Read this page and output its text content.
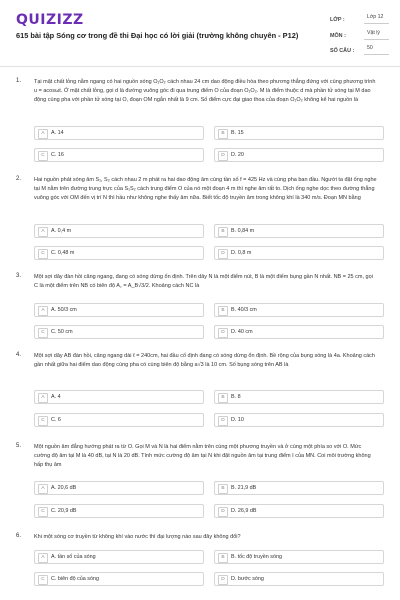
QUIZIZZ
615 bài tập Sóng cơ trong đề thi Đại học có lời giải (trường không chuyên - P12)
LỚP :	Lớp 12
MÔN :	Vật lý
SỐ CÂU :	50
1. Tại mặt chất lỏng nằm ngang có hai nguồn sóng O₁O₂ cách nhau 24 cm dao động điều hòa theo phương thẳng đứng với cùng phương trình u = acosωt. Ở mặt chất lỏng, gọi d là đường vuông góc đi qua trung điểm O của đoạn O₁O₂. M là điểm thuộc d mà phần tử sóng tại M dao động cùng pha với phần tử sóng tại O, đoạn OM ngắn nhất là 9 cm. Số điểm cực đại giao thoa của đoạn O₁O₂ không kể hai nguồn là
A	A. 14	B	B. 15
C	C. 16	D	D. 20
2. Hai nguồn phát sóng âm S₁, S₂ cách nhau 2 m phát ra hai dao động âm cùng tần số f = 425 Hz và cùng pha ban đầu. Người ta đặt ống nghe tại M nằm trên đường trung trực của S₁S₂ cách trung điểm O của nó một đoạn 4 m thì nghe âm rất to. Dịch ống nghe dọc theo đường thẳng vuông góc với OM đến vị trí N thì hầu như không nghe thấy âm nữa. Biết tốc độ truyền âm trong không khí là 340 m/s. Đoạn MN bằng
A	A. 0,4 m	B	B. 0,84 m
C	C. 0,48 m	D	D. 0,8 m
3. Một sợi dây đàn hồi căng ngang, đang có sóng dừng ổn định. Trên dây N là một điểm nút, B là một điểm bụng gần N nhất. NB = 25 cm, gọi C là một điểm trên NB có biên độ A꜀ = A_B√3/2. Khoảng cách NC là
A	A. 50/3 cm	B	B. 40/3 cm
C	C. 50 cm	D	D. 40 cm
4. Một sợi dây AB đàn hồi, căng ngang dài ℓ = 240cm, hai đầu cố định đang có sóng dừng ổn định. Bề rộng của bụng sóng là 4a. Khoảng cách gần nhất giữa hai điểm dao động cùng pha có cùng biên độ bằng a√3 là 10 cm. Số bụng sóng trên AB là
A	A. 4	B	B. 8
C	C. 6	D	D. 10
5. Một nguồn âm đẳng hướng phát ra từ O. Gọi M và N là hai điểm nằm trên cùng một phương truyền và ở cùng một phía so với O. Mức cường độ âm tại M là 40 dB, tại N là 20 dB. Tính mức cường độ âm tại N khi đặt nguồn âm tại trung điểm I của MN. Coi môi trường không hấp thụ âm
A	A. 20,6 dB	B	B. 21,9 dB
C	C. 20,9 dB	D	D. 26,9 dB
6. Khi một sóng cơ truyền từ không khí vào nước thì đại lượng nào sau đây không đổi?
A	A. tần số của sóng	B	B. tốc độ truyền sóng
C	C. biên độ của sóng	D	D. bước sóng
